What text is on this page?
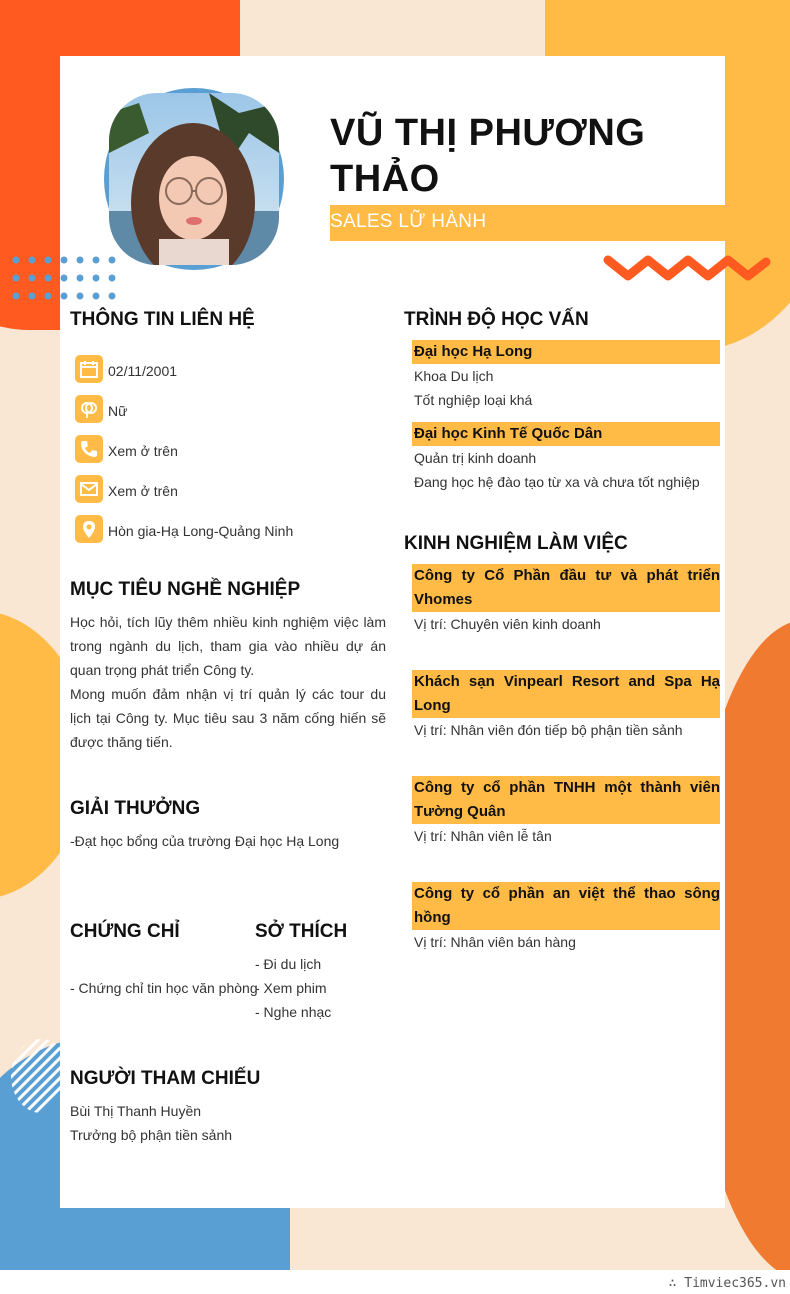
VŨ THỊ PHƯƠNG
THẢO
SALES LỮ HÀNH
THÔNG TIN LIÊN HỆ
02/11/2001
Nữ
Xem ở trên
Xem ở trên
Hòn gia-Hạ Long-Quảng Ninh
MỤC TIÊU NGHỀ NGHIỆP
Học hỏi, tích lũy thêm nhiều kinh nghiệm việc làm trong ngành du lịch, tham gia vào nhiều dự án quan trọng phát triển Công ty.
Mong muốn đảm nhận vị trí quản lý các tour du lịch tại Công ty. Mục tiêu sau 3 năm cống hiến sẽ được thăng tiến.
GIẢI THƯỞNG
-Đạt học bổng của trường Đại học Hạ Long
CHỨNG CHỈ
- Chứng chỉ tin học văn phòng
SỞ THÍCH
- Đi du lịch
- Xem phim
- Nghe nhạc
NGƯỜI THAM CHIẾU
Bùi Thị Thanh Huyền
Trưởng bộ phận tiền sảnh
TRÌNH ĐỘ HỌC VẤN
Đại học Hạ Long
Khoa Du lịch
Tốt nghiệp loại khá
Đại học Kinh Tế Quốc Dân
Quản trị kinh doanh
Đang học hệ đào tạo từ xa và chưa tốt nghiệp
KINH NGHIỆM LÀM VIỆC
Công ty Cổ Phần đầu tư và phát triển Vhomes
Vị trí: Chuyên viên kinh doanh
Khách sạn Vinpearl Resort and Spa Hạ Long
Vị trí: Nhân viên đón tiếp bộ phận tiền sảnh
Công ty cổ phần TNHH một thành viên Tường Quân
Vị trí: Nhân viên lễ tân
Công ty cổ phần an việt thể thao sông hồng
Vị trí: Nhân viên bán hàng
∴ Timviec365.vn
